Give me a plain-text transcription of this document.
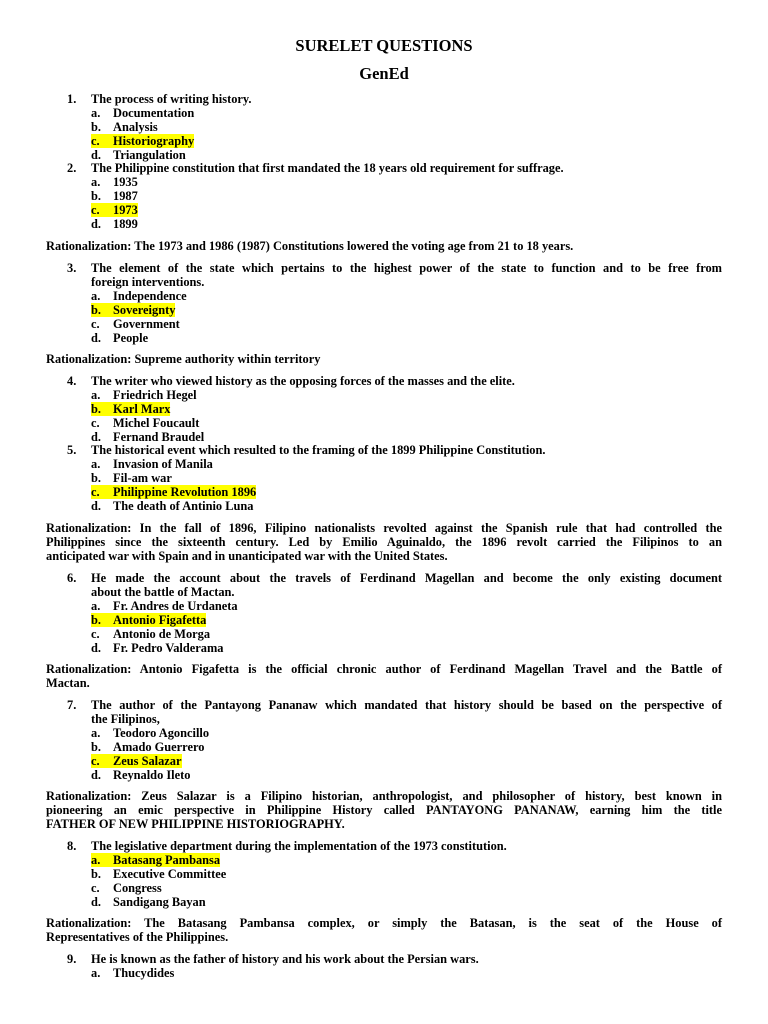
SURELET QUESTIONS
GenEd
1. The process of writing history.
a. Documentation
b. Analysis
c. Historiography
d. Triangulation
2. The Philippine constitution that first mandated the 18 years old requirement for suffrage.
a. 1935
b. 1987
c. 1973
d. 1899
Rationalization: The 1973 and 1986 (1987) Constitutions lowered the voting age from 21 to 18 years.
3. The element of the state which pertains to the highest power of the state to function and to be free from
foreign interventions.
a. Independence
b. Sovereignty
c. Government
d. People
Rationalization: Supreme authority within territory
4. The writer who viewed history as the opposing forces of the masses and the elite.
a. Friedrich Hegel
b. Karl Marx
c. Michel Foucault
d. Fernand Braudel
5. The historical event which resulted to the framing of the 1899 Philippine Constitution.
a. Invasion of Manila
b. Fil-am war
c. Philippine Revolution 1896
d. The death of Antinio Luna
Rationalization: In the fall of 1896, Filipino nationalists revolted against the Spanish rule that had controlled the
Philippines since the sixteenth century. Led by Emilio Aguinaldo, the 1896 revolt carried the Filipinos to an
anticipated war with Spain and in unanticipated war with the United States.
6. He made the account about the travels of Ferdinand Magellan and become the only existing document
about the battle of Mactan.
a. Fr. Andres de Urdaneta
b. Antonio Figafetta
c. Antonio de Morga
d. Fr. Pedro Valderama
Rationalization: Antonio Figafetta is the official chronic author of Ferdinand Magellan Travel and the Battle of
Mactan.
7. The author of the Pantayong Pananaw which mandated that history should be based on the perspective of
the Filipinos,
a. Teodoro Agoncillo
b. Amado Guerrero
c. Zeus Salazar
d. Reynaldo Ileto
Rationalization: Zeus Salazar is a Filipino historian, anthropologist, and philosopher of history, best known in
pioneering an emic perspective in Philippine History called PANTAYONG PANANAW, earning him the title
FATHER OF NEW PHILIPPINE HISTORIOGRAPHY.
8. The legislative department during the implementation of the 1973 constitution.
a. Batasang Pambansa
b. Executive Committee
c. Congress
d. Sandigang Bayan
Rationalization: The Batasang Pambansa complex, or simply the Batasan, is the seat of the House of
Representatives of the Philippines.
9. He is known as the father of history and his work about the Persian wars.
a. Thucydides
